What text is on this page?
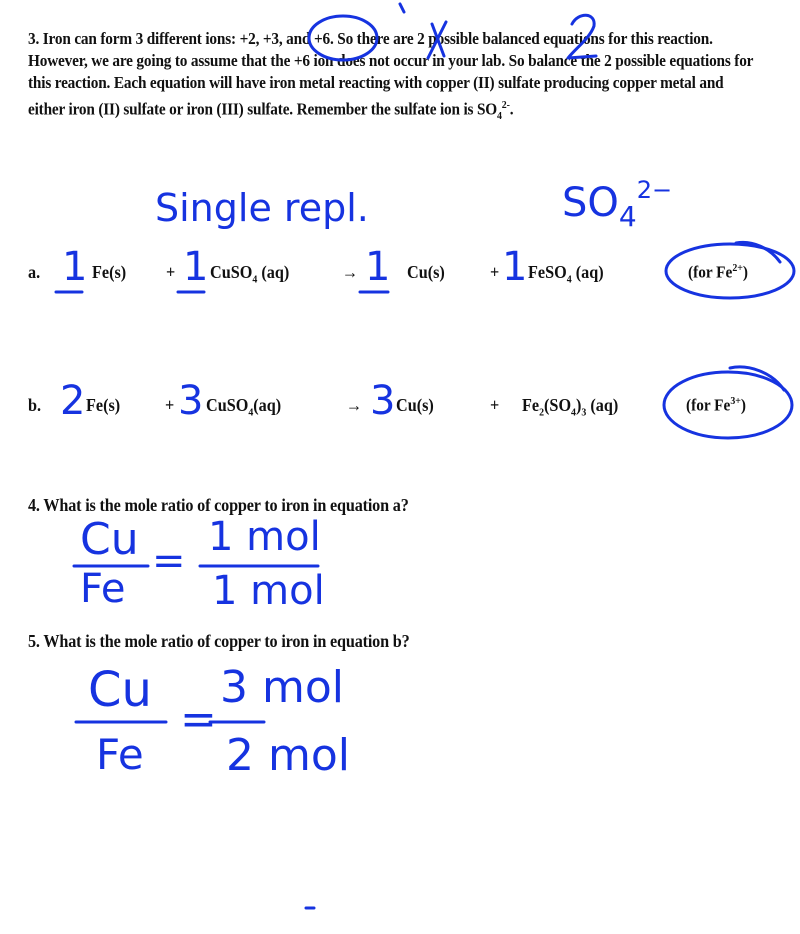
3. Iron can form 3 different ions: +2, +3, and +6. So there are 2 possible balanced equations for this reaction. However, we are going to assume that the +6 ion does not occur in your lab. So balance the 2 possible equations for this reaction. Each equation will have iron metal reacting with copper (II) sulfate producing copper metal and either iron (II) sulfate or iron (III) sulfate. Remember the sulfate ion is $SO_4^{2-}$.
Single repl.	$SO_4^{2-}$
a. 1 Fe(s) + 1 CuSO$_4$ (aq)	→ 1 Cu(s)	+ 1 FeSO$_4$ (aq)	(for $Fe^{2+}$)
b. 2 Fe(s) + 3 CuSO$_4$(aq)	→ 3 Cu(s)	+ $Fe_2(SO_4)_3$ (aq)	(for $Fe^{3+}$)
4. What is the mole ratio of copper to iron in equation a?
Cu
Fe
=
1 mol
1 mol
5. What is the mole ratio of copper to iron in equation b?
Cu
Fe
=
3 mol
2 mol
